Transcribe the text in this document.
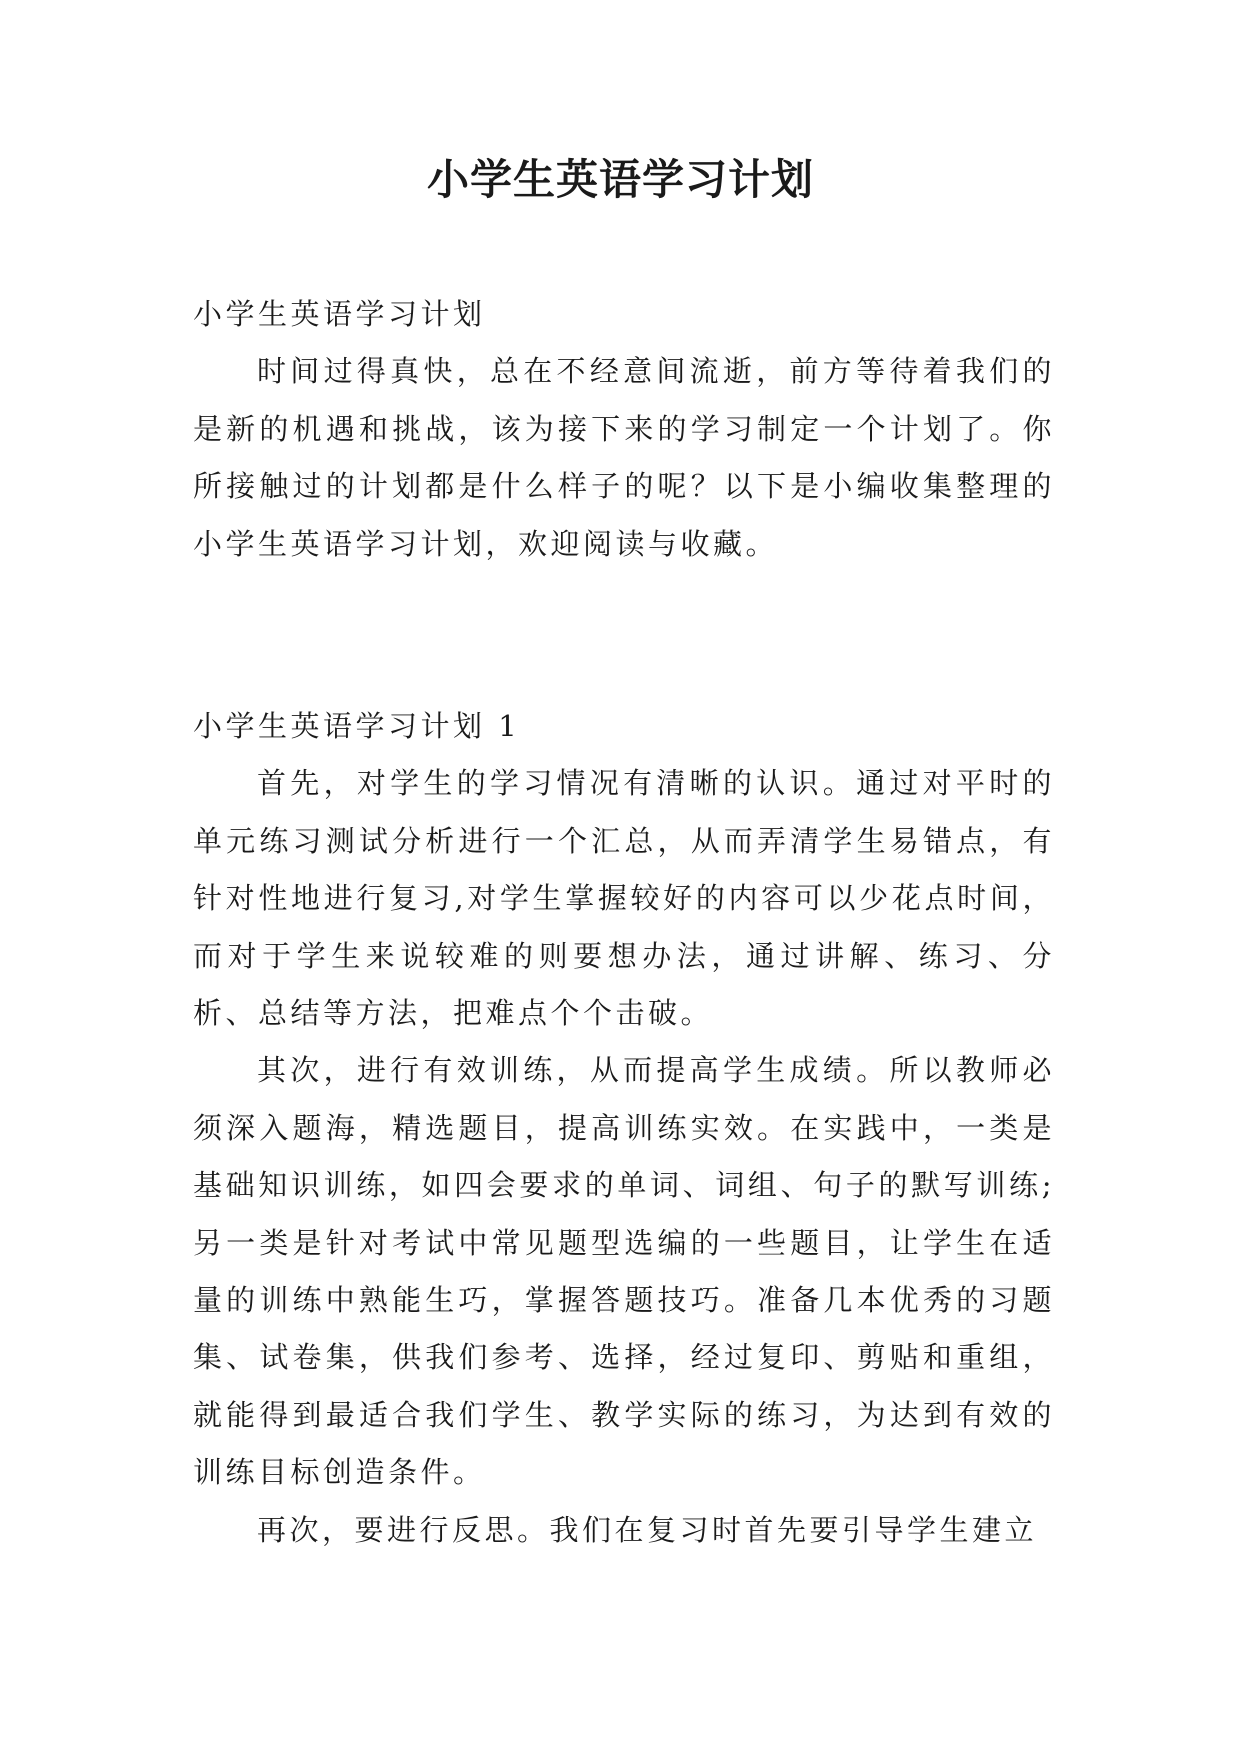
小学生英语学习计划

小学生英语学习计划

时间过得真快，总在不经意间流逝，前方等待着我们的是新的机遇和挑战，该为接下来的学习制定一个计划了。你所接触过的计划都是什么样子的呢？以下是小编收集整理的小学生英语学习计划，欢迎阅读与收藏。

小学生英语学习计划 1

首先，对学生的学习情况有清晰的认识。通过对平时的单元练习测试分析进行一个汇总，从而弄清学生易错点，有针对性地进行复习,对学生掌握较好的内容可以少花点时间，而对于学生来说较难的则要想办法，通过讲解、练习、分析、总结等方法，把难点个个击破。

其次，进行有效训练，从而提高学生成绩。所以教师必须深入题海，精选题目，提高训练实效。在实践中，一类是基础知识训练，如四会要求的单词、词组、句子的默写训练;另一类是针对考试中常见题型选编的一些题目，让学生在适量的训练中熟能生巧，掌握答题技巧。准备几本优秀的习题集、试卷集，供我们参考、选择，经过复印、剪贴和重组，就能得到最适合我们学生、教学实际的练习，为达到有效的训练目标创造条件。

再次，要进行反思。我们在复习时首先要引导学生建立
